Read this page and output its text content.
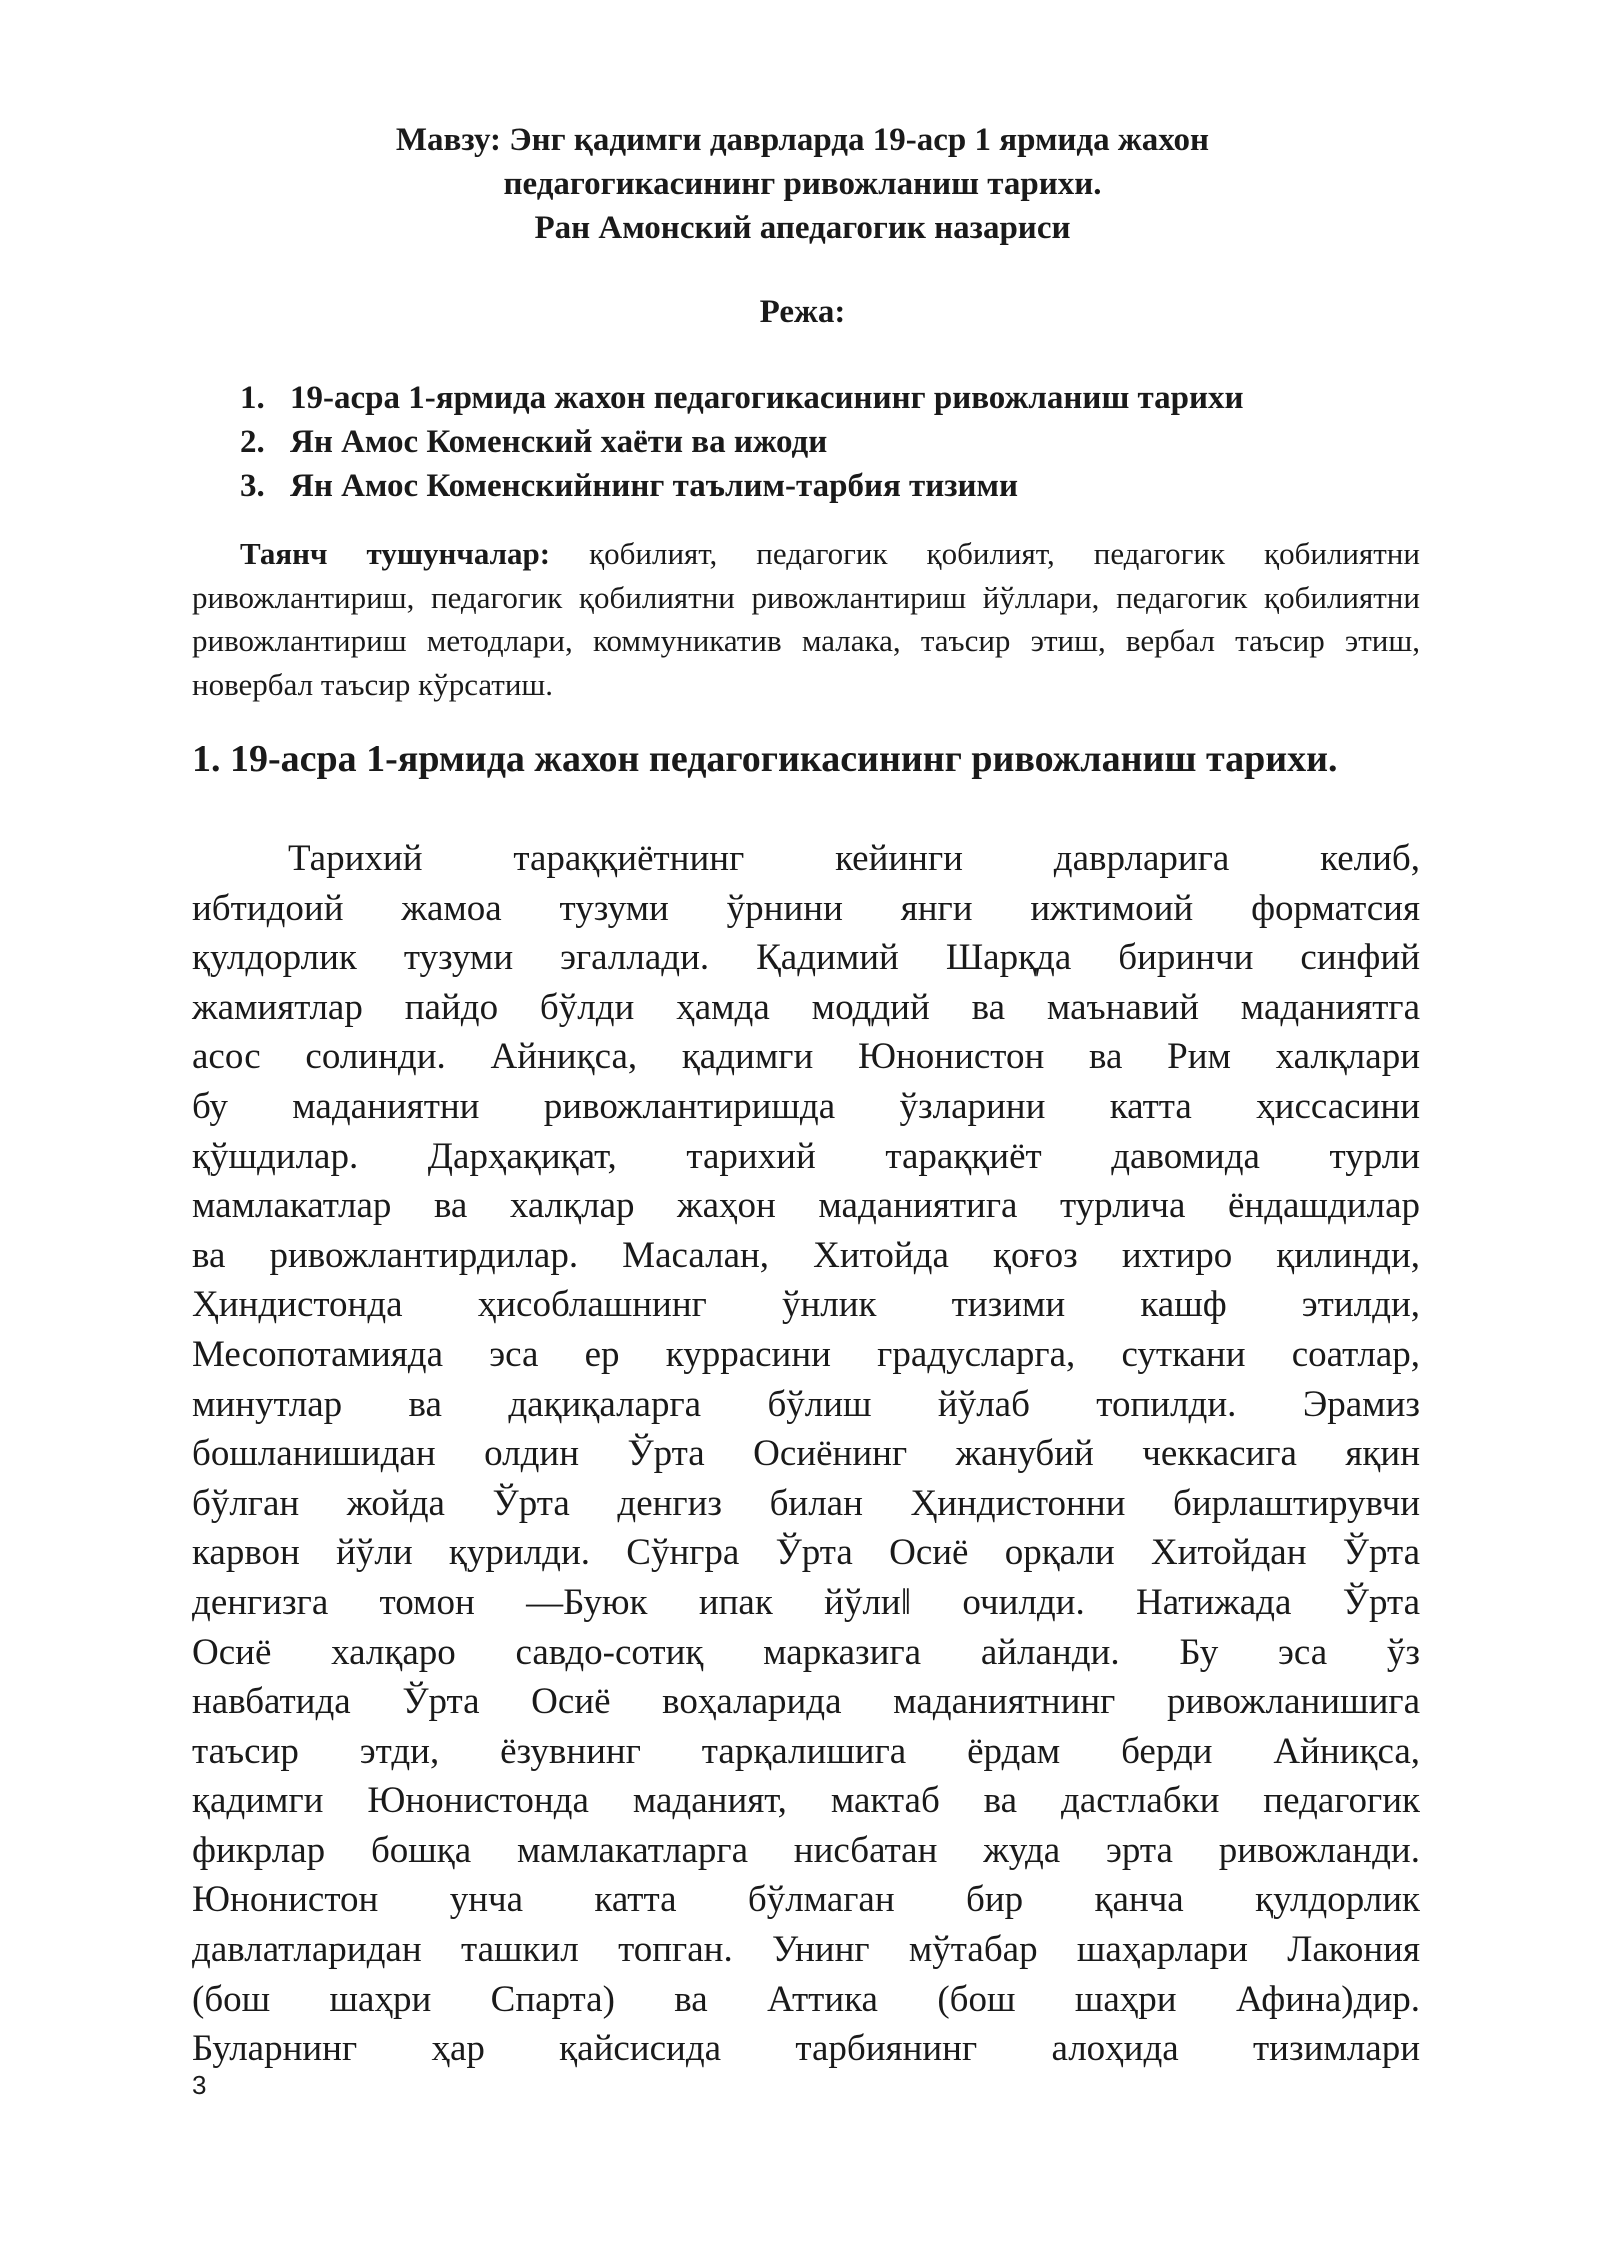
Мавзу: Энг қадимги даврларда 19-аср 1 ярмида жахон
педагогикасининг ривожланиш тарихи.
Ран Амонский апедагогик назариси
Режа:
1. 19-асра 1-ярмида жахон педагогикасининг ривожланиш тарихи
2. Ян Амос Коменский хаёти ва ижоди
3. Ян Амос Коменскийнинг таълим-тарбия тизими

Таянч тушунчалар: қобилият, педагогик қобилият, педагогик қобилиятни ривожлантириш, педагогик қобилиятни ривожлантириш йўллари, педагогик қобилиятни ривожлантириш методлари, коммуникатив малака, таъсир этиш, вербал таъсир этиш, новербал таъсир кўрсатиш.

1. 19-асра 1-ярмида жахон педагогикасининг ривожланиш тарихи.
Тарихий тараққиётнинг кейинги даврларига келиб,
ибтидоий жамоа тузуми ўрнини янги ижтимоий форматсия
қулдорлик тузуми эгаллади. Қадимий Шарқда биринчи синфий
жамиятлар пайдо бўлди ҳамда моддий ва маънавий маданиятга
асос солинди. Айниқса, қадимги Юнонистон ва Рим халқлари
бу маданиятни ривожлантиришда ўзларини катта ҳиссасини
қўшдилар. Дарҳақиқат, тарихий тараққиёт давомида турли
мамлакатлар ва халқлар жаҳон маданиятига турлича ёндашдилар
ва ривожлантирдилар. Масалан, Хитойда қоғоз ихтиро қилинди,
Ҳиндистонда ҳисоблашнинг ўнлик тизими кашф этилди,
Месопотамияда эса ер куррасини градусларга, суткани соатлар,
минутлар ва дақиқаларга бўлиш йўлаб топилди. Эрамиз
бошланишидан олдин Ўрта Осиёнинг жанубий чеккасига яқин
бўлган жойда Ўрта денгиз билан Ҳиндистонни бирлаштирувчи
карвон йўли қурилди. Сўнгра Ўрта Осиё орқали Хитойдан Ўрта
денгизга томон ―Буюк ипак йўли‖ очилди. Натижада Ўрта
Осиё халқаро савдо-сотиқ марказига айланди. Бу эса ўз
навбатида Ўрта Осиё воҳаларида маданиятнинг ривожланишига
таъсир этди, ёзувнинг тарқалишига ёрдам берди Айниқса,
қадимги Юнонистонда маданият, мактаб ва дастлабки педагогик
фикрлар бошқа мамлакатларга нисбатан жуда эрта ривожланди.
Юнонистон унча катта бўлмаган бир қанча қулдорлик
давлатларидан ташкил топган. Унинг мўтабар шаҳарлари Лакония
(бош шаҳри Спарта) ва Аттика (бош шаҳри Афина)дир.
Буларнинг ҳар қайсисида тарбиянинг алоҳида тизимлари
3
